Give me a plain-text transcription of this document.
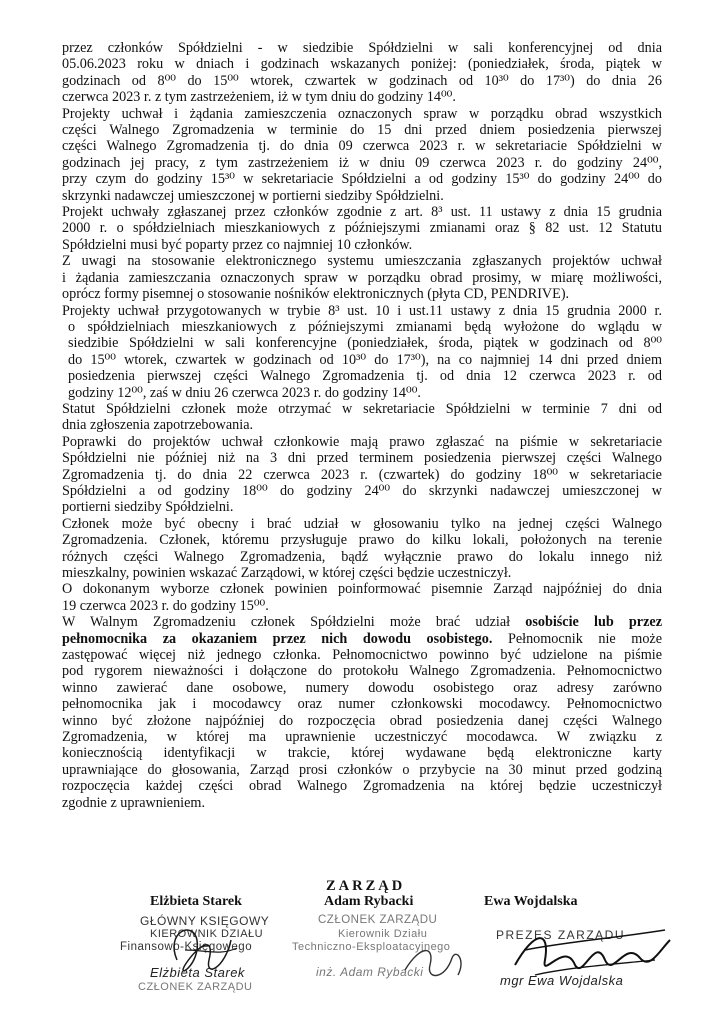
przez członków Spółdzielni - w siedzibie Spółdzielni w sali konferencyjnej od dnia
05.06.2023 roku w dniach i godzinach wskazanych poniżej: (poniedziałek, środa, piątek w
godzinach od 8⁰⁰ do 15⁰⁰ wtorek, czwartek w godzinach od 10³⁰ do 17³⁰) do dnia 26
czerwca 2023 r. z tym zastrzeżeniem, iż w tym dniu do godziny 14⁰⁰.
Projekty uchwał i żądania zamieszczenia oznaczonych spraw w porządku obrad wszystkich
części Walnego Zgromadzenia w terminie do 15 dni przed dniem posiedzenia pierwszej
części Walnego Zgromadzenia tj. do dnia 09 czerwca 2023 r. w sekretariacie Spółdzielni w
godzinach jej pracy, z tym zastrzeżeniem iż w dniu 09 czerwca 2023 r. do godziny 24⁰⁰,
przy czym do godziny 15³⁰ w sekretariacie Spółdzielni a od godziny 15³⁰ do godziny 24⁰⁰ do
skrzynki nadawczej umieszczonej w portierni siedziby Spółdzielni.
Projekt uchwały zgłaszanej przez członków zgodnie z art. 8³ ust. 11 ustawy z dnia 15 grudnia
2000 r. o spółdzielniach mieszkaniowych z późniejszymi zmianami oraz § 82 ust. 12 Statutu
Spółdzielni musi być poparty przez co najmniej 10 członków.
Z uwagi na stosowanie elektronicznego systemu umieszczania zgłaszanych projektów uchwał
i żądania zamieszczania oznaczonych spraw w porządku obrad prosimy, w miarę możliwości,
oprócz formy pisemnej o stosowanie nośników elektronicznych (płyta CD, PENDRIVE).
Projekty uchwał przygotowanych w trybie 8³ ust. 10 i ust.11 ustawy z dnia 15 grudnia 2000 r.
o spółdzielniach mieszkaniowych z późniejszymi zmianami będą wyłożone do wglądu w
siedzibie Spółdzielni w sali konferencyjne (poniedziałek, środa, piątek w godzinach od 8⁰⁰
do 15⁰⁰ wtorek, czwartek w godzinach od 10³⁰ do 17³⁰), na co najmniej 14 dni przed dniem
posiedzenia pierwszej części Walnego Zgromadzenia tj. od dnia 12 czerwca 2023 r. od
godziny 12⁰⁰, zaś w dniu 26 czerwca 2023 r. do godziny 14⁰⁰.
Statut Spółdzielni członek może otrzymać w sekretariacie Spółdzielni w terminie 7 dni od
dnia zgłoszenia zapotrzebowania.
Poprawki do projektów uchwał członkowie mają prawo zgłaszać na piśmie w sekretariacie
Spółdzielni nie później niż na 3 dni przed terminem posiedzenia pierwszej części Walnego
Zgromadzenia tj. do dnia 22 czerwca 2023 r. (czwartek) do godziny 18⁰⁰ w sekretariacie
Spółdzielni a od godziny 18⁰⁰ do godziny 24⁰⁰ do skrzynki nadawczej umieszczonej w
portierni siedziby Spółdzielni.
Członek może być obecny i brać udział w głosowaniu tylko na jednej części Walnego
Zgromadzenia. Członek, któremu przysługuje prawo do kilku lokali, położonych na terenie
różnych części Walnego Zgromadzenia, bądź wyłącznie prawo do lokalu innego niż
mieszkalny, powinien wskazać Zarządowi, w której części będzie uczestniczył.
O dokonanym wyborze członek powinien poinformować pisemnie Zarząd najpóźniej do dnia
19 czerwca 2023 r. do godziny 15⁰⁰.
W Walnym Zgromadzeniu członek Spółdzielni może brać udział osobiście lub przez
pełnomocnika za okazaniem przez nich dowodu osobistego. Pełnomocnik nie może
zastępować więcej niż jednego członka. Pełnomocnictwo powinno być udzielone na piśmie
pod rygorem nieważności i dołączone do protokołu Walnego Zgromadzenia. Pełnomocnictwo
winno zawierać dane osobowe, numery dowodu osobistego oraz adresy zarówno
pełnomocnika jak i mocodawcy oraz numer członkowski mocodawcy. Pełnomocnictwo
winno być złożone najpóźniej do rozpoczęcia obrad posiedzenia danej części Walnego
Zgromadzenia, w której ma uprawnienie uczestniczyć mocodawca. W związku z
koniecznością identyfikacji w trakcie, której wydawane będą elektroniczne karty
uprawniające do głosowania, Zarząd prosi członków o przybycie na 30 minut przed godziną
rozpoczęcia każdej części obrad Walnego Zgromadzenia na której będzie uczestniczył
zgodnie z uprawnieniem.
ZARZĄD
Elżbieta Starek
GŁÓWNY KSIĘGOWY
KIEROWNIK DZIAŁU
Finansowo-Księgowego
Elżbieta Starek
CZŁONEK ZARZĄDU
Adam Rybacki
CZŁONEK ZARZĄDU
Kierownik Działu
Techniczno-Eksploatacyjnego
inż. Adam Rybacki
Ewa Wojdalska
PREZES ZARZĄDU
mgr Ewa Wojdalska
